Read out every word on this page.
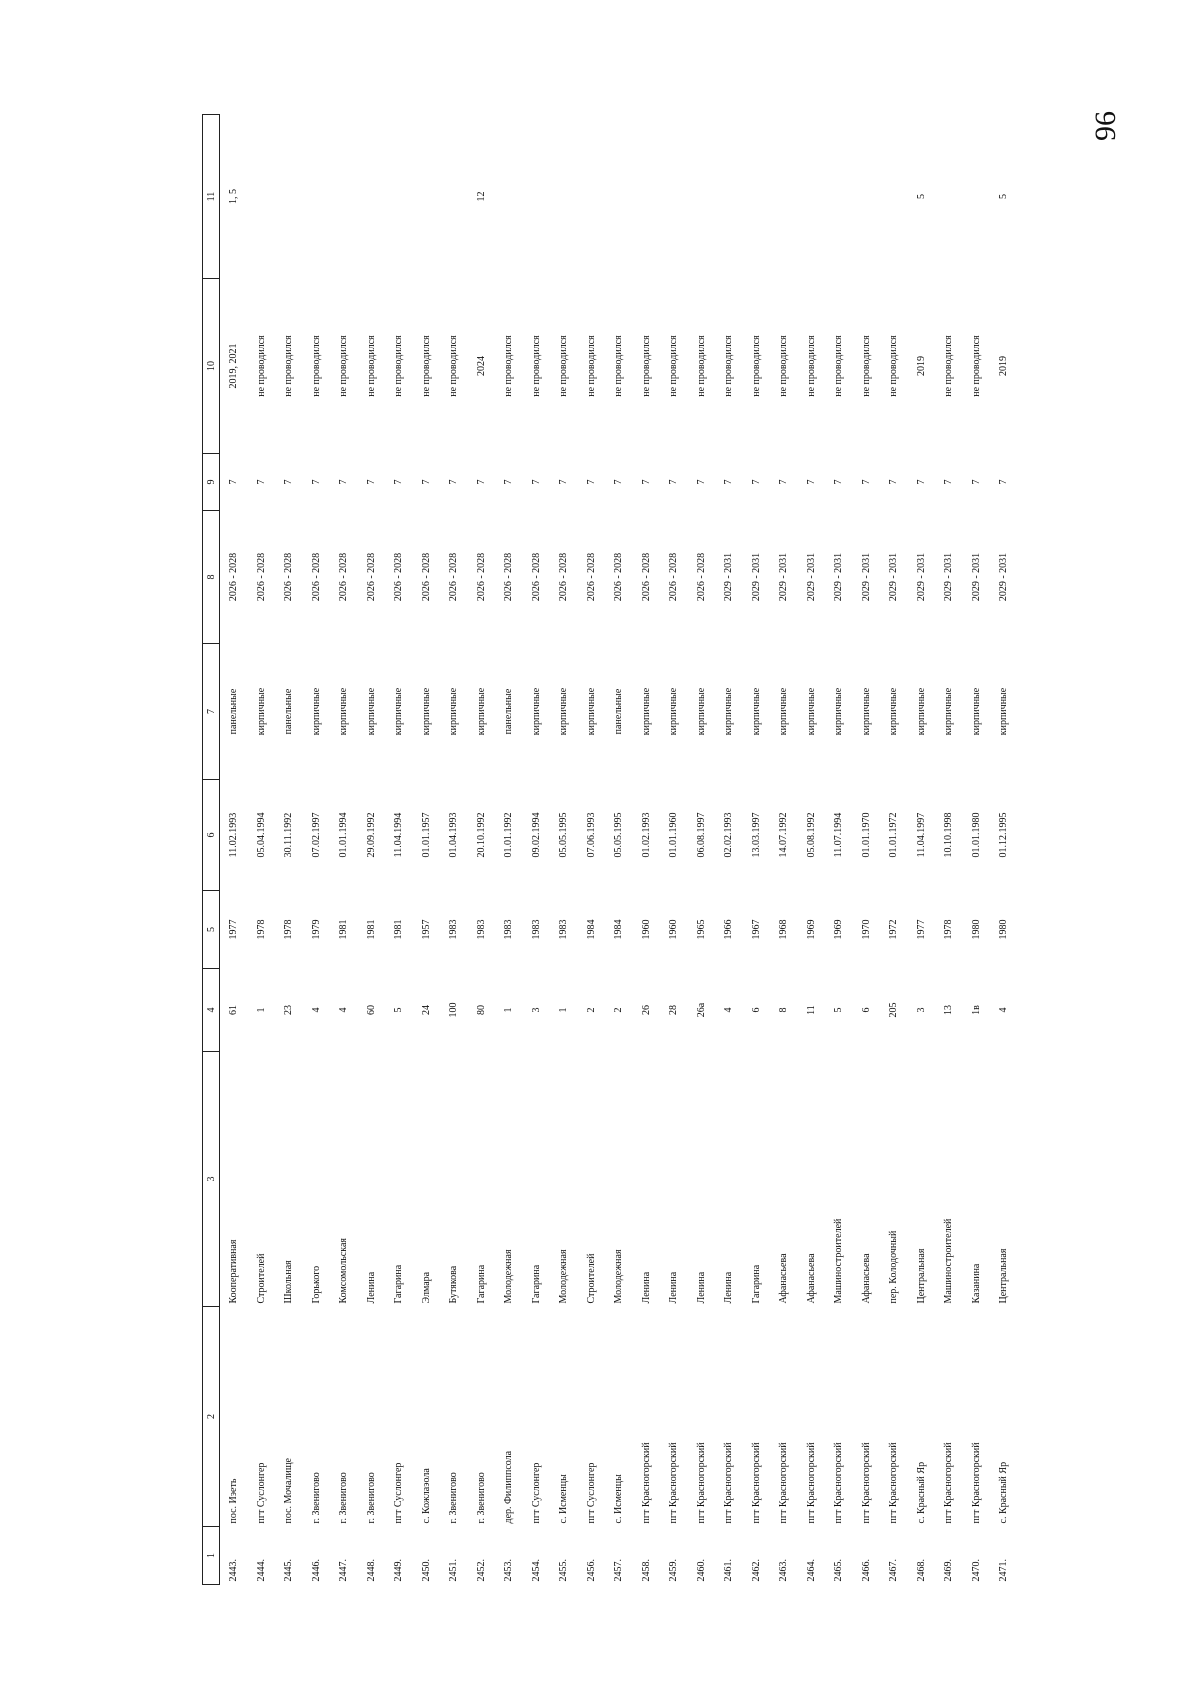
96
1	2	3	4	5	6	7	8	9	10	11
2443.	пос. Иэеть	Кооперативная	61	1977	11.02.1993	панельные	2026 - 2028	7	2019, 2021	1, 5
2444.	пгт Суслонгер	Строителей	1	1978	05.04.1994	кирпичные	2026 - 2028	7	не проводился	
2445.	пос. Мочалище	Школьная	23	1978	30.11.1992	панельные	2026 - 2028	7	не проводился	
2446.	г. Звенигово	Горького	4	1979	07.02.1997	кирпичные	2026 - 2028	7	не проводился	
2447.	г. Звенигово	Комсомольская	4	1981	01.01.1994	кирпичные	2026 - 2028	7	не проводился	
2448.	г. Звенигово	Ленина	60	1981	29.09.1992	кирпичные	2026 - 2028	7	не проводился	
2449.	пгт Суслонгер	Гагарина	5	1981	11.04.1994	кирпичные	2026 - 2028	7	не проводился	
2450.	с. Кожлаэола	Элмара	24	1957	01.01.1957	кирпичные	2026 - 2028	7	не проводился	
2451.	г. Звенигово	Бутякова	100	1983	01.04.1993	кирпичные	2026 - 2028	7	не проводился	
2452.	г. Звенигово	Гагарина	80	1983	20.10.1992	кирпичные	2026 - 2028	7	2024	12
2453.	дер. Филиппсола	Молодежная	1	1983	01.01.1992	панельные	2026 - 2028	7	не проводился	
2454.	пгт Суслонгер	Гагарина	3	1983	09.02.1994	кирпичные	2026 - 2028	7	не проводился	
2455.	с. Исменцы	Молодежная	1	1983	05.05.1995	кирпичные	2026 - 2028	7	не проводился	
2456.	пгт Суслонгер	Строителей	2	1984	07.06.1993	кирпичные	2026 - 2028	7	не проводился	
2457.	с. Исменцы	Молодежная	2	1984	05.05.1995	панельные	2026 - 2028	7	не проводился	
2458.	пгт Красногорский	Ленина	26	1960	01.02.1993	кирпичные	2026 - 2028	7	не проводился	
2459.	пгт Красногорский	Ленина	28	1960	01.01.1960	кирпичные	2026 - 2028	7	не проводился	
2460.	пгт Красногорский	Ленина	26а	1965	06.08.1997	кирпичные	2026 - 2028	7	не проводился	
2461.	пгт Красногорский	Ленина	4	1966	02.02.1993	кирпичные	2029 - 2031	7	не проводился	
2462.	пгт Красногорский	Гагарина	6	1967	13.03.1997	кирпичные	2029 - 2031	7	не проводился	
2463.	пгт Красногорский	Афанасьева	8	1968	14.07.1992	кирпичные	2029 - 2031	7	не проводился	
2464.	пгт Красногорский	Афанасьева	11	1969	05.08.1992	кирпичные	2029 - 2031	7	не проводился	
2465.	пгт Красногорский	Машиностроителей	5	1969	11.07.1994	кирпичные	2029 - 2031	7	не проводился	
2466.	пгт Красногорский	Афанасьева	6	1970	01.01.1970	кирпичные	2029 - 2031	7	не проводился	
2467.	пгт Красногорский	пер. Колодочный	205	1972	01.01.1972	кирпичные	2029 - 2031	7	не проводился	
2468.	с. Красный Яр	Центральная	3	1977	11.04.1997	кирпичные	2029 - 2031	7	2019	5
2469.	пгт Красногорский	Машиностроителей	13	1978	10.10.1998	кирпичные	2029 - 2031	7	не проводился	
2470.	пгт Красногорский	Казанина	1в	1980	01.01.1980	кирпичные	2029 - 2031	7	не проводился	
2471.	с. Красный Яр	Центральная	4	1980	01.12.1995	кирпичные	2029 - 2031	7	2019	5
